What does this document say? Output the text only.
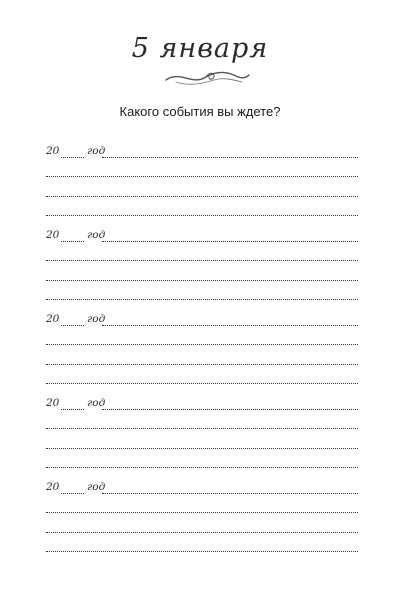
5 января
Какого события вы ждете?
20	год
20	год
20	год
20	год
20	год
